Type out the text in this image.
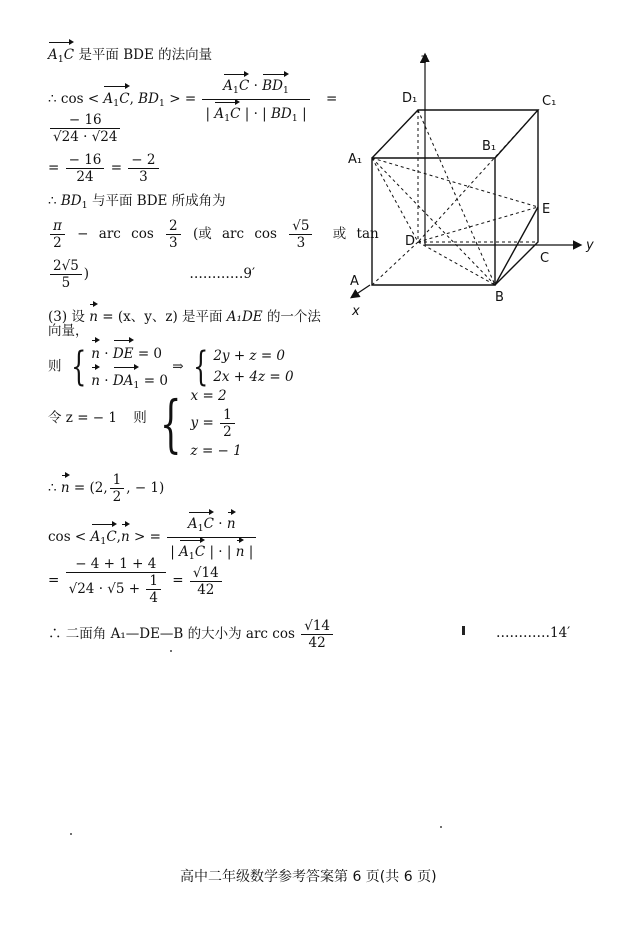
$A_1C$ 是平面 BDE 的法向量
∴ $\cos < A_1C$, $BD_1$ > = $\frac{A_1C \cdot BD_1}{| A_1C | \cdot | BD_1 |}$ =
$\frac{- 16}{√24 \cdot √24}$
= $\frac{- 16}{24} = \frac{- 2}{3}$
∴ $BD_1$ 与平面 BDE 所成角为
$\frac{\pi}{2}$ − arc $\cos \frac{2}{3}$ (或 arc $\cos \frac{√5}{3}$ 或 tan
$\frac{2√5}{5}$ )	…………9′
(3) 设 n = (x、y、z) 是平面 A₁DE 的一个法
向量，
则 { n · DE = 0
$n \cdot DA_1 = 0$
⇒ { 2y + z = 0
2x + 4z = 0
令 z = − 1 则 { x = 2
$y = \frac{1}{2}$
z = − 1
∴ n = (2, $\frac{1}{2}$ , − 1)
$\cos < A_1C,n$ > = $\frac{A_1C \cdot n}{| A_1C | \cdot | n |}$
= $\frac{- 4 + 1 + 4}{√24 \cdot √5 + \frac{1}{4}} = \frac{√14}{42}$
∴ 二面角 A₁—DE—B 的大小为 arc $\cos \frac{√14}{42}$	…………14′
高中二年级数学参考答案第 6 页(共 6 页)
z
y
x
D₁	C₁
A₁
B₁
E
D
C
A
B
